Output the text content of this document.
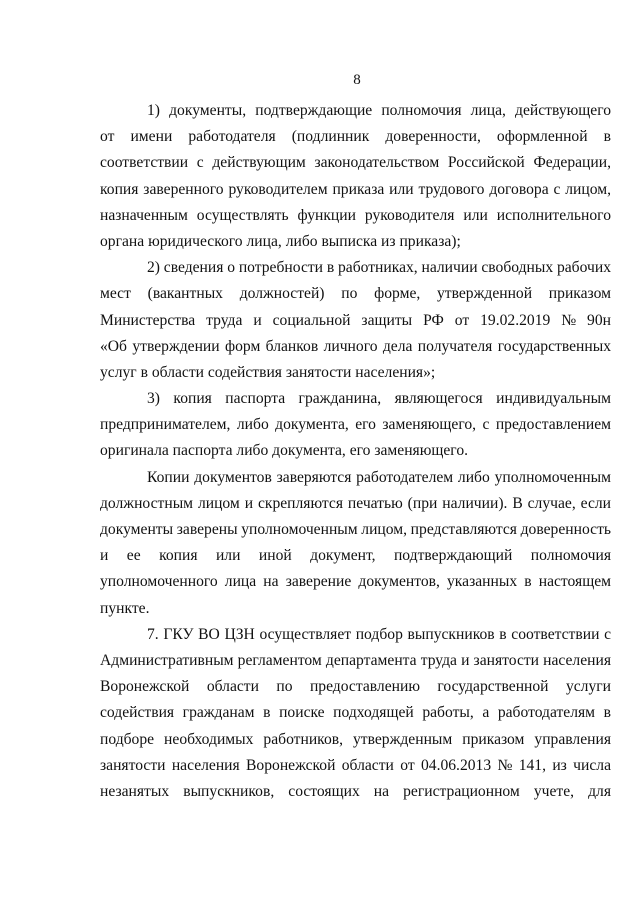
8
1) документы, подтверждающие полномочия лица, действующего
от имени работодателя (подлинник доверенности, оформленной в
соответствии с действующим законодательством Российской Федерации,
копия заверенного руководителем приказа или трудового договора с лицом,
назначенным осуществлять функции руководителя или исполнительного
органа юридического лица, либо выписка из приказа);
2) сведения о потребности в работниках, наличии свободных рабочих
мест (вакантных должностей) по форме, утвержденной приказом
Министерства труда и социальной защиты РФ от 19.02.2019 № 90н
«Об утверждении форм бланков личного дела получателя государственных
услуг в области содействия занятости населения»;
3) копия паспорта гражданина, являющегося индивидуальным
предпринимателем, либо документа, его заменяющего, с предоставлением
оригинала паспорта либо документа, его заменяющего.
Копии документов заверяются работодателем либо уполномоченным
должностным лицом и скрепляются печатью (при наличии). В случае, если
документы заверены уполномоченным лицом, представляются доверенность
и ее копия или иной документ, подтверждающий полномочия
уполномоченного лица на заверение документов, указанных в настоящем
пункте.
7. ГКУ ВО ЦЗН осуществляет подбор выпускников в соответствии с
Административным регламентом департамента труда и занятости населения
Воронежской области по предоставлению государственной услуги
содействия гражданам в поиске подходящей работы, а работодателям в
подборе необходимых работников, утвержденным приказом управления
занятости населения Воронежской области от 04.06.2013 № 141, из числа
незанятых выпускников, состоящих на регистрационном учете, для
